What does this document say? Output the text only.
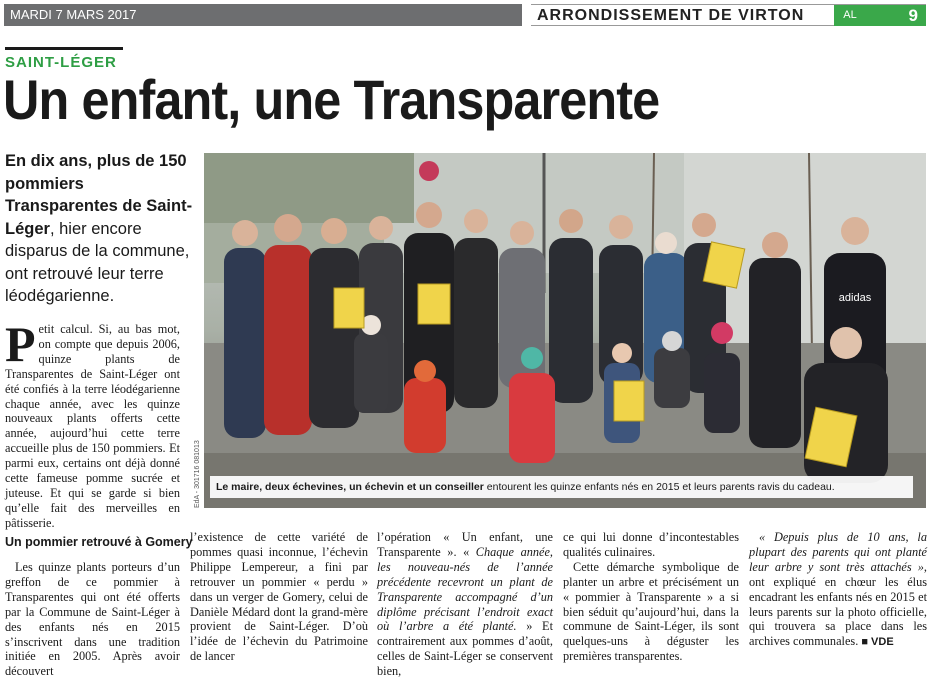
MARDI 7 MARS 2017	ARRONDISSEMENT DE VIRTON	AL	9
SAINT-LÉGER
Un enfant, une Transparente
En dix ans, plus de 150 pommiers Transparentes de Saint-Léger, hier encore disparus de la commune, ont retrouvé leur terre léodégarienne.	adidas
Le maire, deux échevines, un échevin et un conseiller entourent les quinze enfants nés en 2015 et leurs parents ravis du cadeau.
EdA - 301716 081013
Petit calcul. Si, au bas mot, on compte que depuis 2006, quinze plants de Transparentes de Saint-Léger ont été confiés à la terre léodégarienne chaque année, avec les quinze nouveaux plants offerts cette année, aujourd’hui cette terre accueille plus de 150 pommiers. Et parmi eux, certains ont déjà donné cette fameuse pomme sucrée et juteuse. Et qui se garde si bien qu’elle fait des merveilles en pâtisserie.
Un pommier retrouvé à Gomery
Les quinze plants porteurs d’un greffon de ce pommier à Transparentes qui ont été offerts par la Commune de Saint-Léger à des enfants nés en 2015 s’inscrivent dans une tradition initiée en 2005. Après avoir découvert
l’existence de cette variété de pommes quasi inconnue, l’échevin Philippe Lempereur, a fini par retrouver un pommier « perdu » dans un verger de Gomery, celui de Danièle Médard dont la grand-mère provient de Saint-Léger. D’où l’idée de l’échevin du Patrimoine de lancer
l’opération « Un enfant, une Transparente ». « Chaque année, les nouveau-nés de l’année précédente recevront un plant de Transparente accompagné d’un diplôme précisant l’endroit exact où l’arbre a été planté. » Et contrairement aux pommes d’août, celles de Saint-Léger se conservent bien,
ce qui lui donne d’incontestables qualités culinaires.
Cette démarche symbolique de planter un arbre et précisément un « pommier à Transparente » a si bien séduit qu’aujourd’hui, dans la commune de Saint-Léger, ils sont quelques-uns à déguster les premières transparentes.
« Depuis plus de 10 ans, la plupart des parents qui ont planté leur arbre y sont très attachés », ont expliqué en chœur les élus encadrant les enfants nés en 2015 et leurs parents sur la photo officielle, qui trouvera sa place dans les archives communales. ■ VDE
